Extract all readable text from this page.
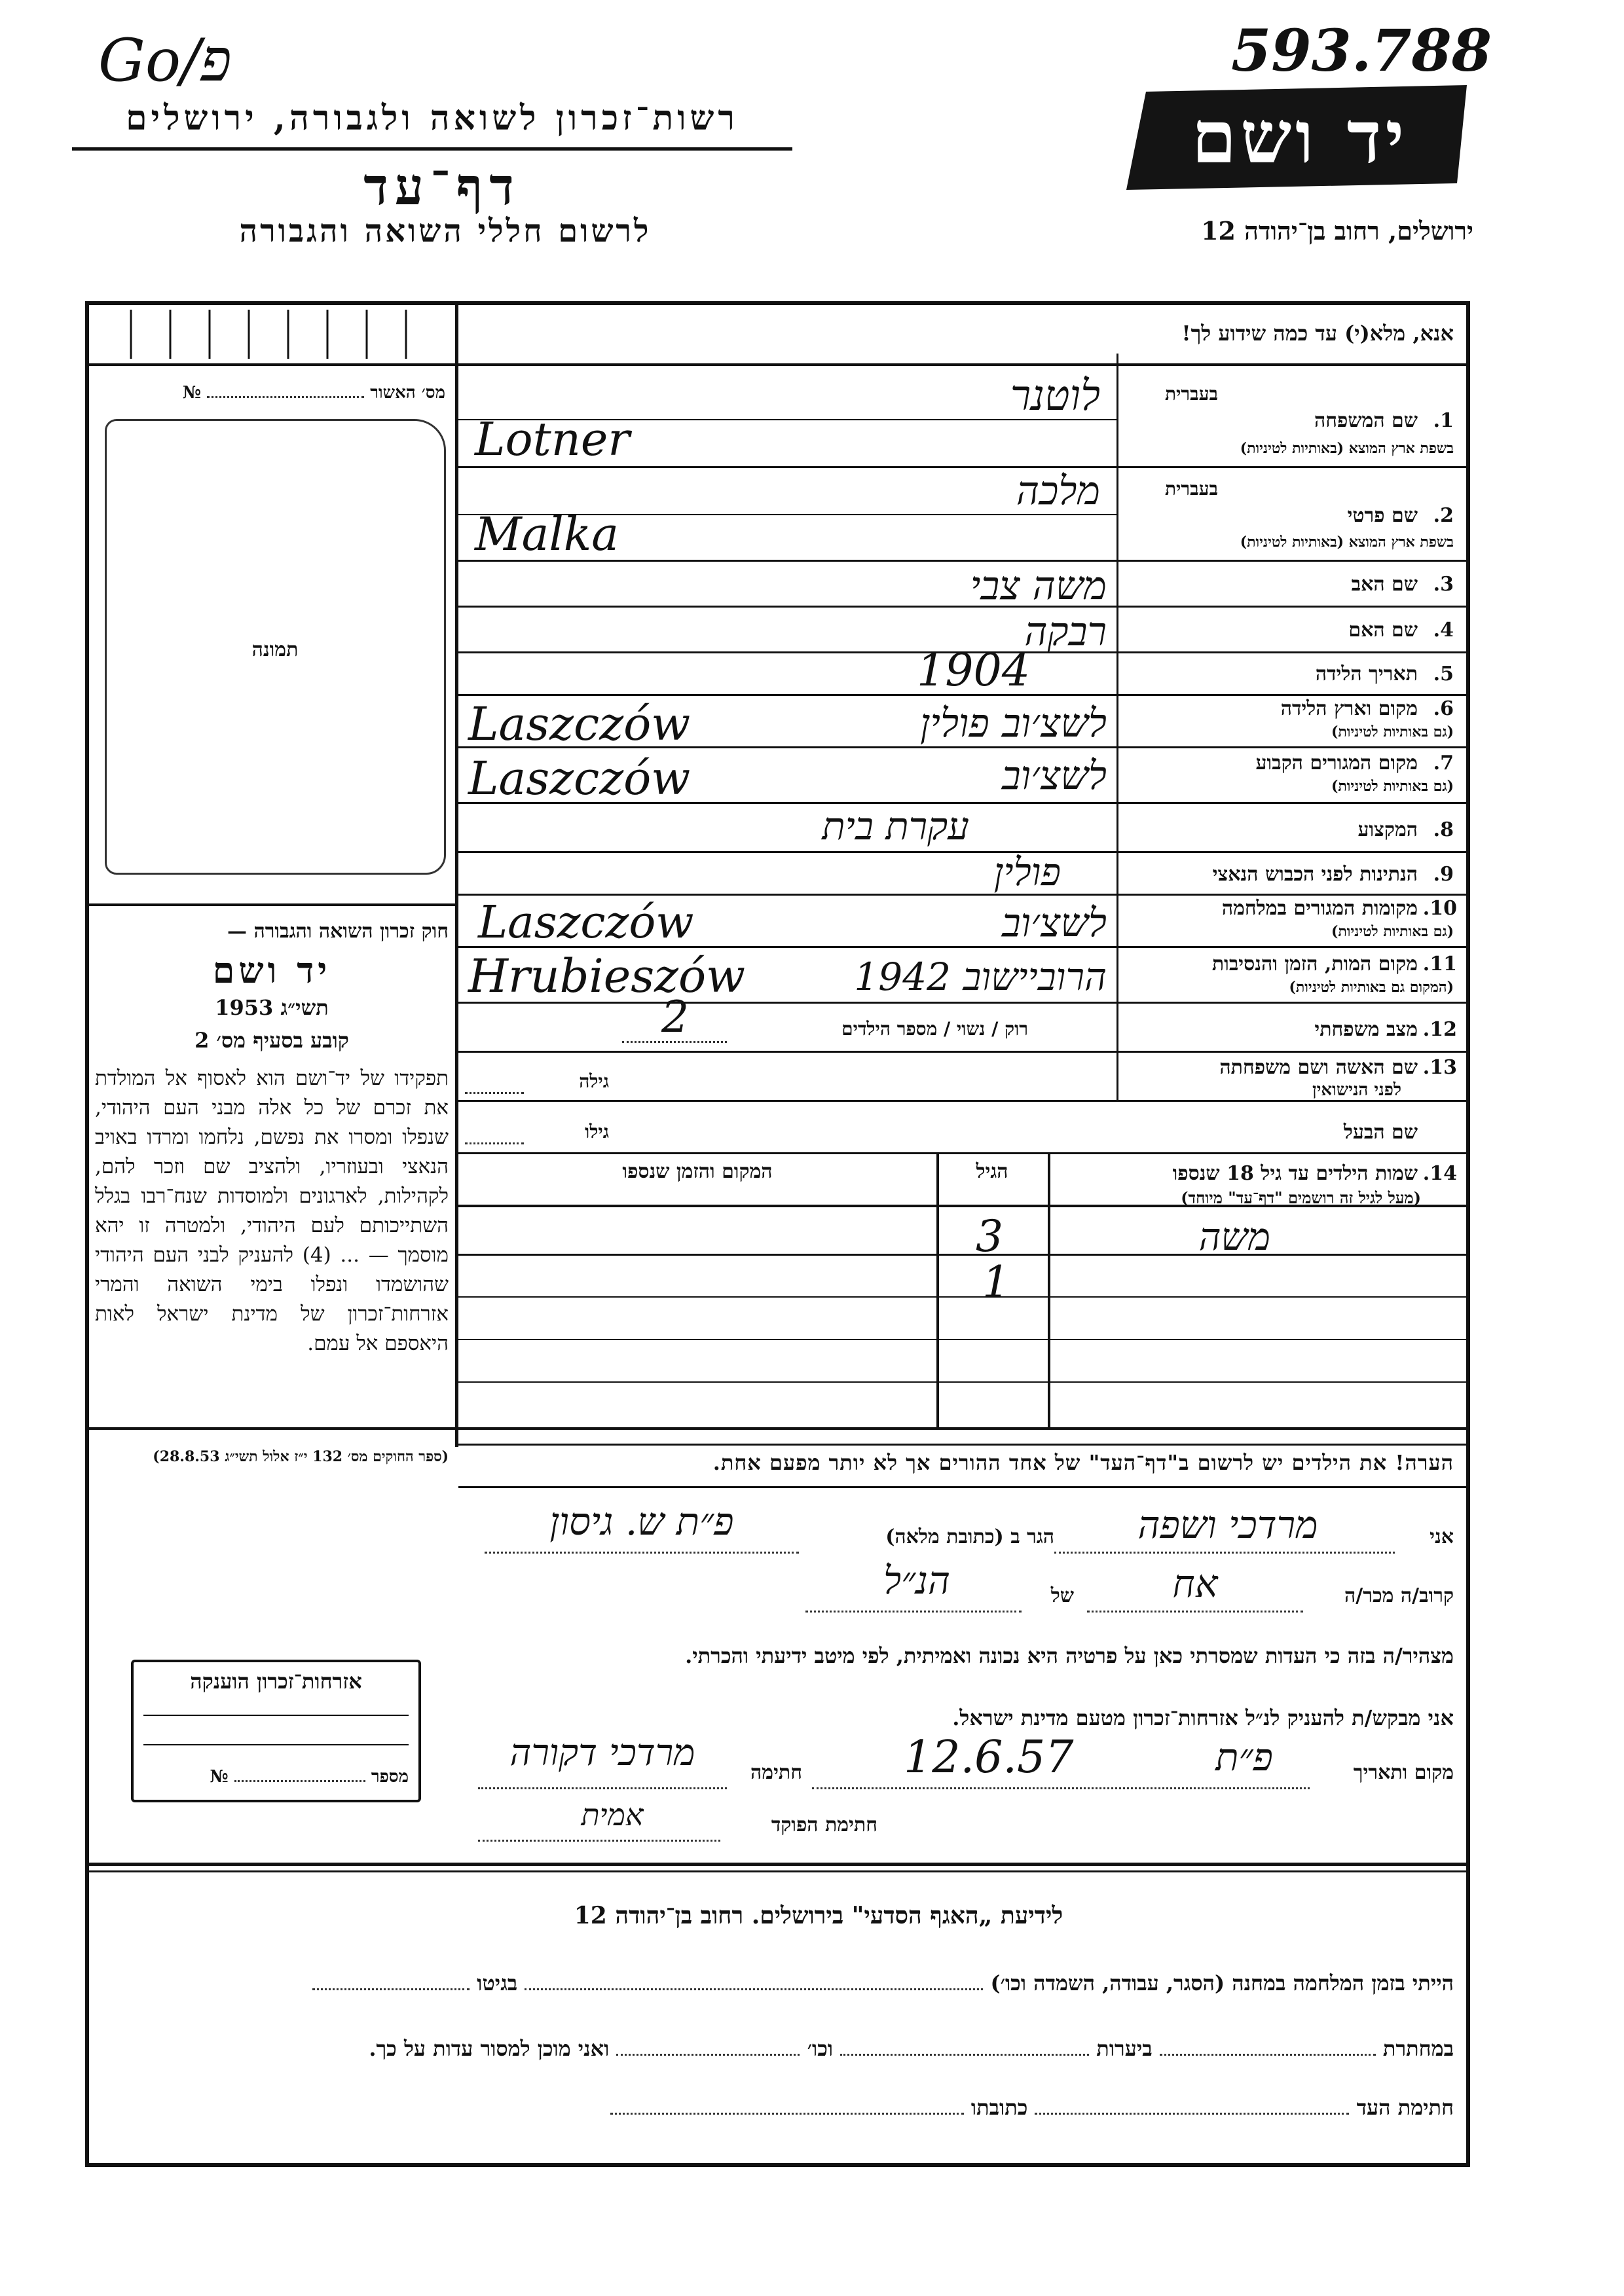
Go/פ
רשות־זכרון לשואה ולגבורה, ירושלים
דף־עד
לרשום חללי השואה והגבורה
593.788
יד ושם
ירושלים, רחוב בן־יהודה 12
אנא, מלא(י) עד כמה שידוע לך!
מס׳ האשור  №
תמונה
חוק זכרון השואה והגבורה —
יד ושם
תשי״ג 1953
קובע בסעיף מס׳ 2
תפקידו של יד־ושם הוא לאסוף אל המולדת את זכרם של כל אלה מבני העם היהודי, שנפלו ומסרו את נפשם, נלחמו ומרדו באויב הנאצי ובעוזריו, ולהציב שם וזכר להם, לקהילות, לארגונים ולמוסדות שנח־רבו בגלל השתייכותם לעם היהודי, ולמטרה זו יהא מוסמך — ... (4) להעניק לבני העם היהודי שהושמדו ונפלו בימי השואה והמרי אזרחות־זכרון של מדינת ישראל לאות היאספם אל עמם.
(ספר החוקים מס׳ 132 י״ז אלול תשי״ג 28.8.53)
אזרחות־זכרון הוענקה
מספר  №
בעברית
1.
שם המשפחה
בשפת ארץ המוצא (באותיות לטיניות)
לוטנר
Lotner
בעברית
2.
שם פרטי
בשפת ארץ המוצא (באותיות לטיניות)
מלכה
Malka
3.
שם האב
משה צבי
4.
שם האם
רבקה
5.
תאריך הלידה
1904
6.
מקום וארץ הלידה
(גם באותיות לטיניות)
לשצ׳וב פולין
Laszczów
7.
מקום המגורים הקבוע
(גם באותיות לטיניות)
לשצ׳וב
Laszczów
8.
המקצוע
עקרת בית
9.
הנתינות לפני הכבוש הנאצי
פולין
10.
מקומות המגורים במלחמה
(גם באותיות לטיניות)
לשצ׳וב
Laszczów
11.
מקום המות, הזמן והנסיבות
(המקום גם באותיות לטיניות)
הרוביישוב 1942
Hrubieszów
12.
מצב משפחתי
רוק / נשוי / מספר הילדים
2
13.
שם האשה ושם משפחתה
לפני הנישואין
גילה
שם הבעל
גילו
14.
שמות הילדים עד גיל 18 שנספו
(מעל לגיל זה רושמים "דף־עד" מיוחד)
הגיל
המקום והזמן שנספו
משה
3
1
הערה! את הילדים יש לרשום ב"דף־העד" של אחד ההורים אך לא יותר מפעם אחת.
אני
מרדכי ושפה
הגר ב (כתובת מלאה)
פ״ת ש. גיסון
קרוב/ה מכר/ה
אח
של
הנ״ל
מצהיר/ה בזה כי העדות שמסרתי כאן על פרטיה היא נכונה ואמיתית, לפי מיטב ידיעתי והכרתי.
אני מבקש/ת להעניק לנ״ל אזרחות־זכרון מטעם מדינת ישראל.
מקום ותאריך
פ״ת
12.6.57
חתימה
מרדכי דקורה
חתימת הפוקד
אמית
לידיעת „האגף הסדעי" בירושלים. רחוב בן־יהודה 12
הייתי בזמן המלחמה במחנה (הסגר, עבודה, השמדה וכו׳)  בגיטו
במחתרת  ביערות  וכו׳  ואני מוכן למסור עדות על כך.
חתימת העד  כתובתו
